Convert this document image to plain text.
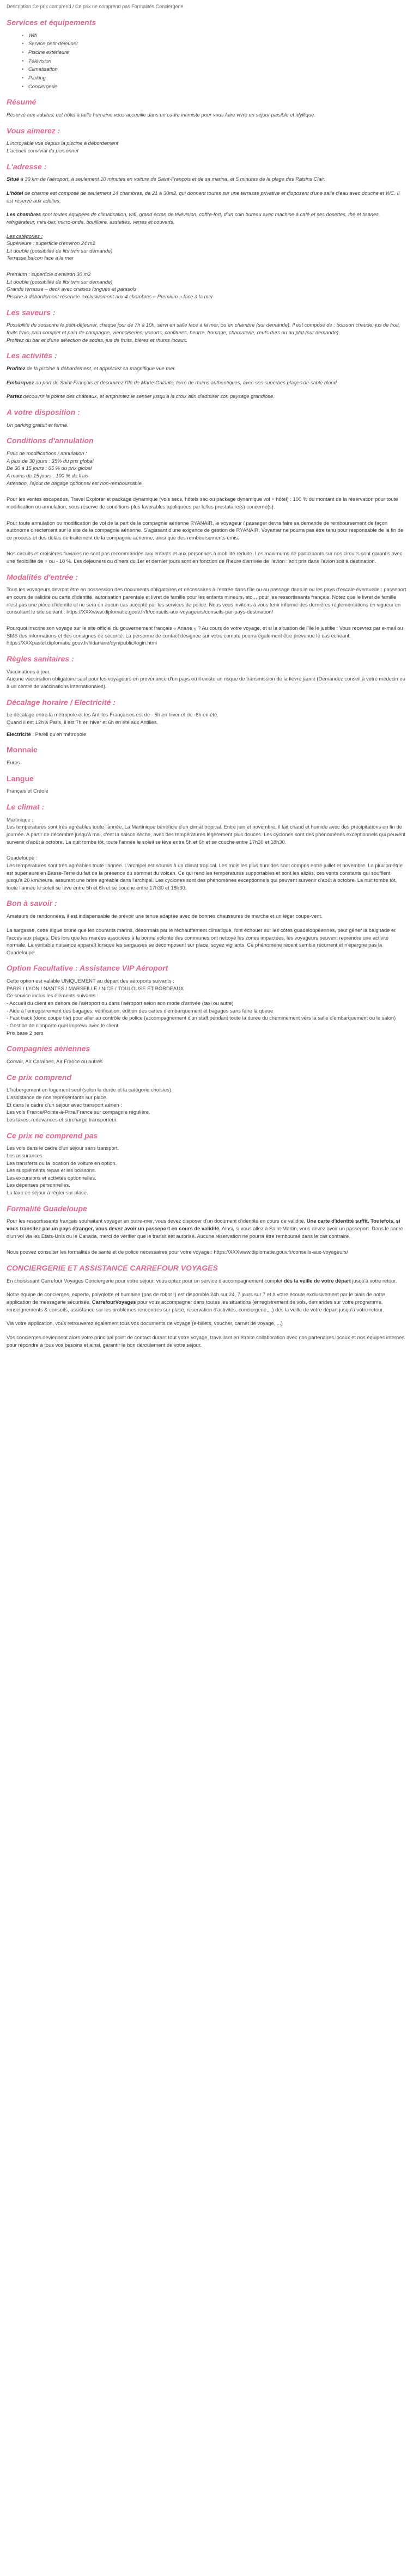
Description Ce prix comprend / Ce prix ne comprend pas Formalités Conciergerie
Services et équipements
• Wifi
• Service petit-déjeuner
• Piscine extérieure
• Télévision
• Climatisation
• Parking
• Conciergerie
Résumé
Réservé aux adultes, cet hôtel à taille humaine vous accueille dans un cadre intimiste pour vous faire vivre un séjour paisible et idyllique.
Vous aimerez :
L'incroyable vue depuis la piscine à débordement
L'accueil convivial du personnel
L'adresse :
Situé à 30 km de l'aéroport, à seulement 10 minutes en voiture de Saint-François et de sa marina, et 5 minutes de la plage des Raisins Clair.
L'hôtel de charme est composé de seulement 14 chambres, de 21 à 30m2, qui donnent toutes sur une terrasse privative et disposent d'une salle d'eau avec douche et WC. Il est réservé aux adultes.
Les chambres sont toutes équipées de climatisation, wifi, grand écran de télévision, coffre-fort, d'un coin bureau avec machine à café et ses dosettes, thé et tisanes, réfrigérateur, mini-bar, micro-onde, bouilloire, assiettes, verres et couverts.
Les catégories :
Supérieure : superficie d'environ 24 m2
Lit double (possibilité de lits twin sur demande)
Terrasse balcon face à la mer
Premium : superficie d'environ 30 m2
Lit double (possibilité de lits twin sur demande)
Grande terrasse – deck avec chaises longues et parasols
Piscine à débordement réservée exclusivement aux 4 chambres « Premium » face à la mer
Les saveurs :
Possibilité de souscrire le petit-déjeuner, chaque jour de 7h à 10h, servi en salle face à la mer, ou en chambre (sur demande). Il est composé de : boisson chaude, jus de fruit, fruits frais, pain complet et pain de campagne, viennoiseries, yaourts, confitures, beurre, fromage, charcuterie, œufs durs ou au plat (sur demande).
Profitez du bar et d'une sélection de sodas, jus de fruits, bières et rhums locaux.
Les activités :
Profitez de la piscine à débordement, et appréciez sa magnifique vue mer.
Embarquez au port de Saint-François et découvrez l'île de Marie-Galante, terre de rhums authentiques, avec ses superbes plages de sable blond.
Partez découvrir la pointe des châteaux, et empruntez le sentier jusqu'à la croix afin d'admirer son paysage grandiose.
A votre disposition :
Un parking gratuit et fermé.
Conditions d'annulation
Frais de modifications / annulation :
A plus de 30 jours : 35% du prix global
De 30 à 15 jours : 65 % du prix global
A moins de 15 jours : 100 % de frais
Attention, l'ajout de bagage optionnel est non-remboursable.
Pour les ventes escapades, Travel Explorer et package dynamique (vols secs, hôtels sec ou package dynamique vol + hôtel) : 100 % du montant de la réservation pour toute modification ou annulation, sous réserve de conditions plus favorables appliquées par le/les prestataire(s) concerné(s).
Pour toute annulation ou modification de vol de la part de la compagnie aérienne RYANAIR, le voyageur / passager devra faire sa demande de remboursement de façon autonome directement sur le site de la compagnie aérienne. S'agissant d'une exigence de gestion de RYANAIR, Voyamar ne pourra pas être tenu pour responsable de la fin de ce process et des délais de traitement de la compagnie aérienne, ainsi que des remboursements émis.
Nos circuits et croisières fluviales ne sont pas recommandés aux enfants et aux personnes à mobilité réduite. Les maximums de participants sur nos circuits sont garantis avec une flexibilité de + ou - 10 %. Les déjeuners ou dîners du 1er et dernier jours sont en fonction de l'heure d'arrivée de l'avion : soit pris dans l'avion soit à destination.
Modalités d'entrée :
Tous les voyageurs devront être en possession des documents obligatoires et nécessaires à l'entrée dans l'île ou au passage dans le ou les pays d'escale éventuelle : passeport en cours de validité ou carte d'identité, autorisation parentale et livret de famille pour les enfants mineurs, etc… pour les ressortissants français. Notez que le livret de famille n'est pas une pièce d'identité et ne sera en aucun cas accepté par les services de police. Nous vous invitons à vous tenir informé des dernières réglementations en vigueur en consultant le site suivant : https://XXXwww.diplomatie.gouv.fr/fr/conseils-aux-voyageurs/conseils-par-pays-destination/
Pourquoi inscrire son voyage sur le site officiel du gouvernement français « Ariane » ? Au cours de votre voyage, et si la situation de l'île le justifie : Vous recevrez par e-mail ou SMS des informations et des consignes de sécurité. La personne de contact désignée sur votre compte pourra également être prévenue le cas échéant. https://XXXpastel.diplomatie.gouv.fr/fildariane/dyn/public/login.html
Règles sanitaires :
Vaccinations à jour.
Aucune vaccination obligatoire sauf pour les voyageurs en provenance d'un pays où il existe un risque de transmission de la fièvre jaune (Demandez conseil à votre médecin ou à un centre de vaccinations internationales).
Décalage horaire / Electricité :
Le décalage entre la métropole et les Antilles Françaises est de - 5h en hiver et de -6h en été.
Quand il est 12h à Paris, il est 7h en hiver et 6h en été aux Antilles.
Electricité : Pareil qu'en métropole
Monnaie
Euros
Langue
Français et Créole
Le climat :
Martinique :
Les températures sont très agréables toute l'année. La Martinique bénéficie d'un climat tropical. Entre juin et novembre, il fait chaud et humide avec des précipitations en fin de journée. A partir de décembre jusqu'à mai, c'est la saison sèche, avec des températures légèrement plus douces. Les cyclones sont des phénomènes exceptionnels qui peuvent survenir d'août à octobre. La nuit tombe tôt, toute l'année le soleil se lève entre 5h et 6h et se couche entre 17h30 et 18h30.
Guadeloupe :
Les températures sont très agréables toute l'année. L'archipel est soumis à un climat tropical. Les mois les plus humides sont compris entre juillet et novembre. La pluviométrie est supérieure en Basse-Terre du fait de la présence du sommet du volcan. Ce qui rend les températures supportables et sont les alizés, ces vents constants qui soufflent jusqu'à 20 km/heure, assurant une brise agréable dans l'archipel. Les cyclones sont des phénomènes exceptionnels qui peuvent survenir d'août à octobre. La nuit tombe tôt, toute l'année le soleil se lève entre 5h et 6h et se couche entre 17h30 et 18h30.
Bon à savoir :
Amateurs de randonnées, il est indispensable de prévoir une tenue adaptée avec de bonnes chaussures de marche et un léger coupe-vent.
La sargasse, cette algue brune que les courants marins, désormais par le réchauffement climatique, font échouer sur les côtes guadeloupéennes, peut gêner la baignade et l'accès aux plages. Dès lors que les marées associées à la bonne volonté des communes ont nettoyé les zones impactées, les voyageurs peuvent reprendre une activité normale. La véritable nuisance apparaît lorsque les sargasses se décomposent sur place, soyez vigilants. Ce phénomène récent semble récurrent et n'épargne pas la Guadeloupe.
Option Facultative : Assistance VIP Aéroport
Cette option est valable UNIQUEMENT au départ des aéroports suivants :
PARIS / LYON / NANTES / MARSEILLE / NICE / TOULOUSE ET BORDEAUX
Ce service inclus les éléments suivants :
- Accueil du client en dehors de l'aéroport ou dans l'aéroport selon son mode d'arrivée (taxi ou autre)
- Aide à l'enregistrement des bagages, vérification, édition des cartes d'embarquement et bagages sans faire la queue
- Fast track (donc coupe file) pour aller au contrôle de police (accompagnement d'un staff pendant toute la durée du cheminement vers la salle d'embarquement ou le salon)
- Gestion de n'importe quel imprévu avec le client
Prix base 2 pers
Compagnies aériennes
Corsair, Air Caraïbes, Air France ou autres
Ce prix comprend
L'hébergement en logement seul (selon la durée et la catégorie choisies).
L'assistance de nos représentants sur place.
Et dans le cadre d'un séjour avec transport aérien :
Les vols France/Pointe-à-Pitre/France sur compagnie régulière.
Les taxes, redevances et surcharge transporteur.
Ce prix ne comprend pas
Les vols dans le cadre d'un séjour sans transport.
Les assurances.
Les transferts ou la location de voiture en option.
Les suppléments repas et les boissons.
Les excursions et activités optionnelles.
Les dépenses personnelles.
La taxe de séjour à régler sur place.
Formalité Guadeloupe
Pour les ressortissants français souhaitant voyager en outre-mer, vous devez disposer d'un document d'identité en cours de validité. Une carte d'identité suffit. Toutefois, si vous transitez par un pays étranger, vous devez avoir un passeport en cours de validité. Ainsi, si vous allez à Saint-Martin, vous devez avoir un passeport. Dans le cadre d'un vol via les Etats-Unis ou le Canada, merci de vérifier que le transit est autorisé. Aucune réservation ne pourra être remboursé dans le cas contraire.
Nous pouvez consulter les formalités de santé et de police nécessaires pour votre voyage : https://XXXwww.diplomatie.gouv.fr/conseils-aux-voyageurs/
CONCIERGERIE ET ASSISTANCE CARREFOUR VOYAGES
En choisissant Carrefour Voyages Conciergerie pour votre séjour, vous optez pour un service d'accompagnement complet dès la veille de votre départ jusqu'à votre retour.
Notre équipe de concierges, experte, polyglotte et humaine (pas de robot !) est disponible 24h sur 24, 7 jours sur 7 et à votre écoute exclusivement par le biais de notre application de messagerie sécurisée, CarrefourVoyages pour vous accompagner dans toutes les situations (enregistrement de vols, demandes sur votre programme, renseignements & conseils, assistance sur les problèmes rencontrés sur place, réservation d'activités, conciergerie,...) dès la veille de votre départ jusqu'à votre retour.
Via votre application, vous retrouverez également tous vos documents de voyage (e-billets, voucher, carnet de voyage, ...)
Vos concierges deviennent alors votre principal point de contact durant tout votre voyage, travaillant en étroite collaboration avec nos partenaires locaux et nos équipes internes pour répondre à tous vos besoins et ainsi, garantir le bon déroulement de votre séjour.
